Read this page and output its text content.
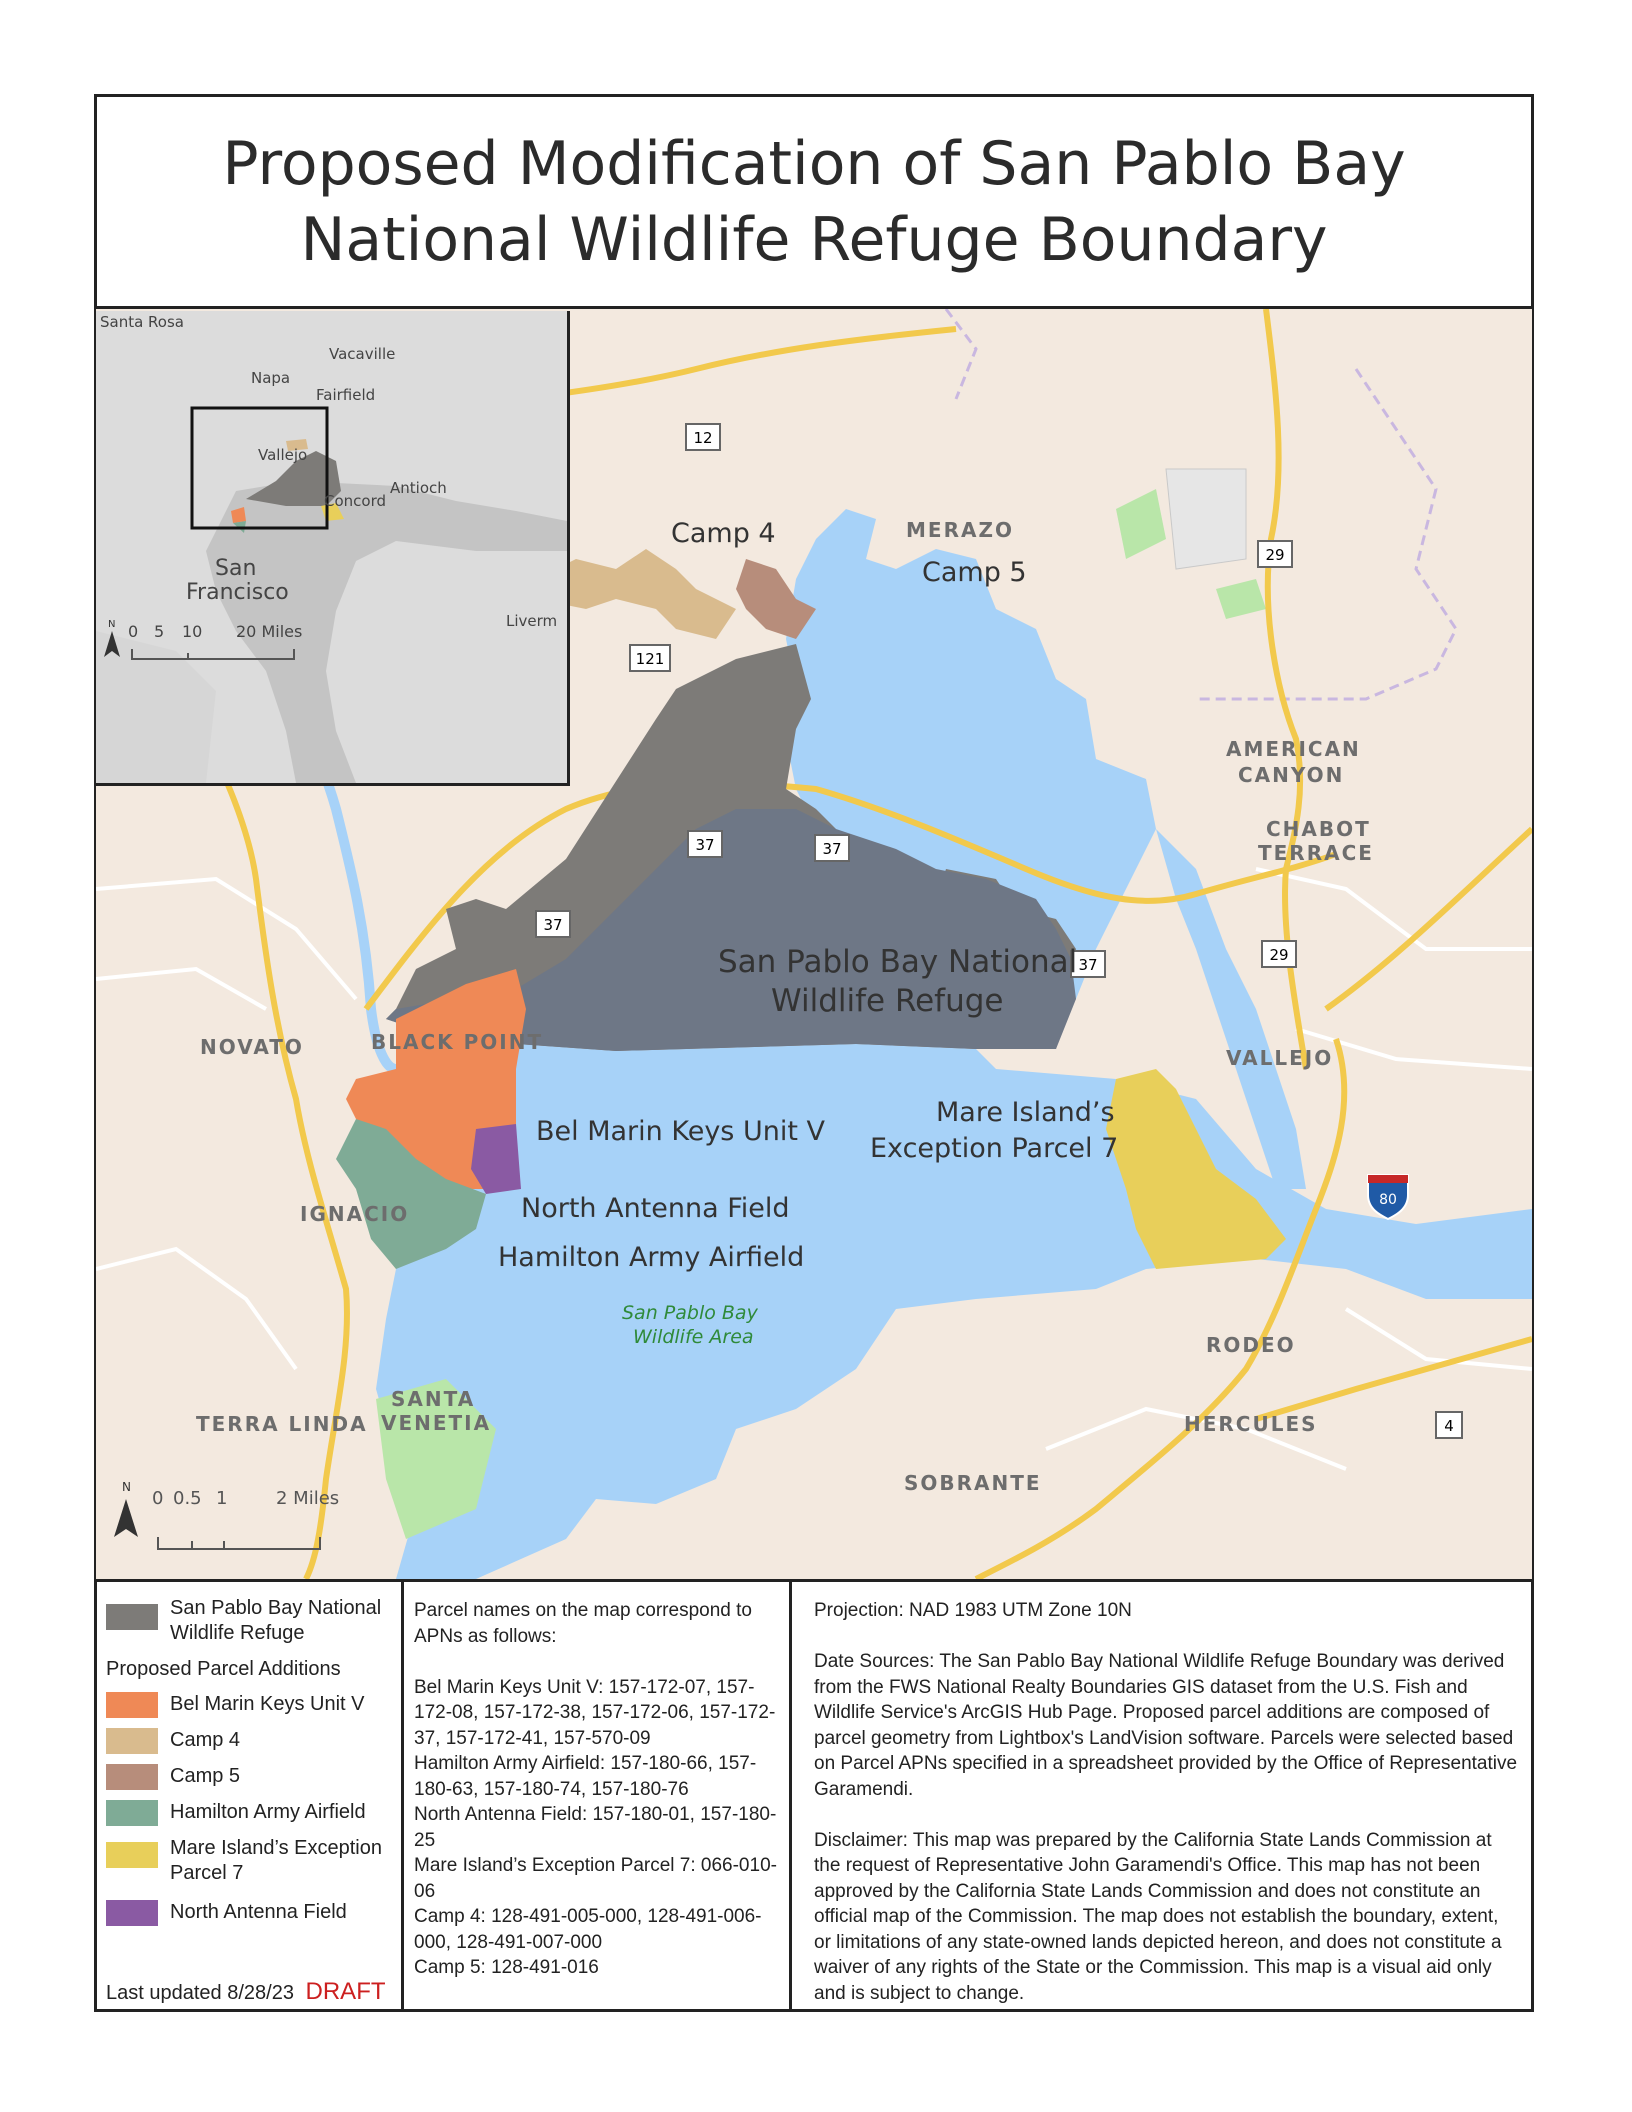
Proposed Modification of San Pablo Bay
National Wildlife Refuge Boundary
12
29
29
121
37	37
37
37
80
4
MERAZO
AMERICAN
CANYON
CHABOT
TERRACE
NOVATO	BLACK POINT
VALLEJO
IGNACIO
RODEO
SANTA
VENETIA
TERRA LINDA	HERCULES
SOBRANTE
Camp 4
Camp 5
San Pablo Bay National
Wildlife Refuge
Bel Marin Keys Unit V
Mare Island’s
Exception Parcel 7
North Antenna Field
Hamilton Army Airfield
San Pablo Bay
Wildlife Area
N
0 0.5 1	2 Miles
Santa Rosa
Vacaville
Napa
Fairfield
Vallejo
Antioch
Concord
San
Francisco
Liverm
N 0 5 10 20 Miles
San Pablo Bay National
Wildlife Refuge
Proposed Parcel Additions
Bel Marin Keys Unit V
Camp 4
Camp 5
Hamilton Army Airfield
Mare Island’s Exception Parcel 7
North Antenna Field
Last updated 8/28/23 DRAFT
Parcel names on the map correspond to APNs as follows:

Bel Marin Keys Unit V: 157-172-07, 157-172-08, 157-172-38, 157-172-06, 157-172-37, 157-172-41, 157-570-09
Hamilton Army Airfield: 157-180-66, 157-180-63, 157-180-74, 157-180-76
North Antenna Field: 157-180-01, 157-180-25
Mare Island’s Exception Parcel 7: 066-010-06
Camp 4: 128-491-005-000, 128-491-006-000, 128-491-007-000
Camp 5: 128-491-016
Projection: NAD 1983 UTM Zone 10N

Date Sources: The San Pablo Bay National Wildlife Refuge Boundary was derived from the FWS National Realty Boundaries GIS dataset from the U.S. Fish and Wildlife Service's ArcGIS Hub Page. Proposed parcel additions are composed of parcel geometry from Lightbox's LandVision software. Parcels were selected based on Parcel APNs specified in a spreadsheet provided by the Office of Representative Garamendi.

Disclaimer: This map was prepared by the California State Lands Commission at the request of Representative John Garamendi's Office. This map has not been approved by the California State Lands Commission and does not constitute an official map of the Commission. The map does not establish the boundary, extent, or limitations of any state-owned lands depicted hereon, and does not constitute a waiver of any rights of the State or the Commission. This map is a visual aid only and is subject to change.
